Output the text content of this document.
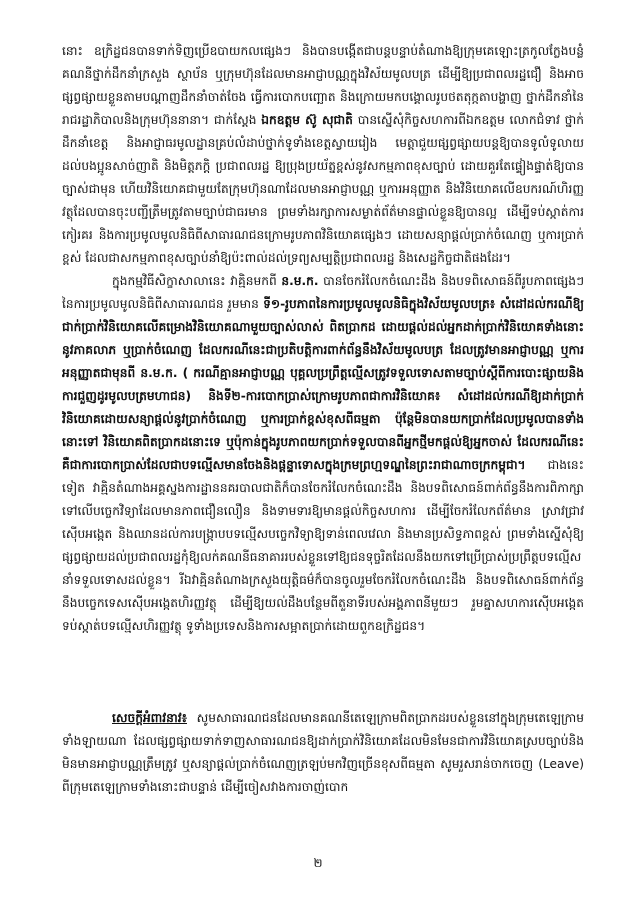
នោះ ឧក្រិដ្ឋជនបានទាក់ទិញប្រើឧបាយកលផ្សេងៗ និងបានបង្កើតជាបន្តបន្ទាប់តំណាងឱ្យក្រុមគេឡោះត្រកូលក្លែងបន្លំគណនីថ្នាក់ដឹកនាំក្រសួង ស្ថាប័ន ឬក្រុមហ៊ុនដែលមានអាជ្ញាបណ្ណក្នុងវិស័យមូលបត្រ ដើម្បីឱ្យប្រជាពលរដ្ឋជឿ និងអាចផ្សព្វផ្សាយខ្លួនតាមបណ្តាញដឹកនាំចាត់ចែង ធ្វើការបោកបញ្ឆោត និងក្រោយមកបង្គោលរូបថតតុក្កតាបង្ហាញ ថ្នាក់ដឹកនាំនៃរាជរដ្ឋាភិបាលនិងក្រុមហ៊ុននានា។ ជាក់ស្តែង ឯកឧត្តម ស៊ូ សុជាតិ បានស្នើសុំកិច្ចសហការពីឯកឧត្តម លោកជំទាវ ថ្នាក់ដឹកនាំខេត្ត និងអាជ្ញាធរមូលដ្ឋានគ្រប់លំដាប់ថ្នាក់ទូទាំងខេត្តស្វាយរៀង មេត្តាជួយផ្សព្វផ្សាយបន្តឱ្យបានទូលំទូលាយដល់បងប្អូនសាច់ញាតិ និងមិត្តភក្តិ ប្រជាពលរដ្ឋ ឱ្យប្រុងប្រយ័ត្នខ្ពស់នូវសកម្មភាពខុសច្បាប់ ដោយគួរតែផ្ទៀងផ្ទាត់ឱ្យបានច្បាស់ជាមុន ហើយវិនិយោគជាមួយតែក្រុមហ៊ុនណាដែលមានអាជ្ញាបណ្ណ ឬការអនុញ្ញាត និងវិនិយោគលើឧបករណ៍ហិរញ្ញវត្ថុដែលបានចុះបញ្ជីត្រឹមត្រូវតាមច្បាប់ជាធរមាន ព្រមទាំងរក្សាការសម្ងាត់ព័ត៌មានផ្ទាល់ខ្លួនឱ្យបានល្អ ដើម្បីទប់ស្កាត់ការកៀរគរ និងការប្រមូលមូលនិធិពីសាធារណជនក្រោមរូបភាពវិនិយោគផ្សេងៗ ដោយសន្យាផ្តល់ប្រាក់ចំណេញ ឬការប្រាក់ខ្ពស់ ដែលជាសកម្មភាពខុសច្បាប់នាំឱ្យប៉ះពាល់ដល់ទ្រព្យសម្បត្តិប្រជាពលរដ្ឋ និងសេដ្ឋកិច្ចជាតិផងដែរ។

ក្នុងកម្មវិធីសិក្ខាសាលានេះ វាគ្មិនមកពី ន.ម.ក. បានចែករំលែកចំណេះដឹង និងបទពិសោធន៍ពីរូបភាពផ្សេងៗនៃការប្រមូលមូលនិធិពីសាធារណជន រួមមាន ទី១-រូបភាពនៃការប្រមូលមូលនិធិក្នុងវិស័យមូលបត្រ៖ សំដៅដល់ករណីឱ្យជាក់ប្រាក់វិនិយោគលើគម្រោងវិនិយោគណាមួយច្បាស់លាស់ ពិតប្រាកដ ដោយផ្តល់ដល់អ្នកដាក់ប្រាក់វិនិយោគទាំងនោះនូវភាគលាភ ឬប្រាក់ចំណេញ ដែលករណីនេះជាប្រតិបត្តិការពាក់ព័ន្ធនឹងវិស័យមូលបត្រ ដែលត្រូវមានអាជ្ញាបណ្ណ ឬការអនុញ្ញាតជាមុនពី ន.ម.ក. ( ករណីគ្មានអាជ្ញាបណ្ណ បុគ្គលប្រព្រឹត្តល្មើសត្រូវទទួលទោសតាមច្បាប់ស្តីពីការបោះផ្សាយនិងការជួញដូរមូលបត្រមហាជន) និងទី២-ការបោកប្រាស់ក្រោមរូបភាពជាការវិនិយោគ៖ សំដៅដល់ករណីឱ្យដាក់ប្រាក់វិនិយោគដោយសន្យាផ្តល់នូវប្រាក់ចំណេញ ឬការប្រាក់ខ្ពស់ខុសពីធម្មតា ប៉ុន្តែមិនបានយកប្រាក់ដែលប្រមូលបានទាំងនោះទៅ វិនិយោគពិតប្រាកដនោះទេ ឬប៉ុកាន់ក្នុងរូបភាពយកប្រាក់ទទួលបានពីអ្នកថ្មីមកផ្តល់ឱ្យអ្នកចាស់ ដែលករណីនេះ គឺជាការបោកប្រាស់ដែលជាបទល្មើសមានចែងនិងផ្តន្ទាទោសក្នុងក្រមព្រហ្មទណ្ឌនៃព្រះរាជាណាចក្រកម្ពុជា។ ជាងនេះទៀត វាគ្មិនតំណាងអគ្គស្នងការដ្ឋាននគរបាលជាតិក៏បានចែករំលែកចំណេះដឹង និងបទពិសោធន៍ពាក់ព័ន្ធនឹងការពិភាក្សាទៅលើបច្ចេកវិទ្យាដែលមានភាពជឿនលឿន និងទាមទារឱ្យមានផ្តល់កិច្ចសហការ ដើម្បីចែករំលែកព័ត៌មាន ស្រាវជ្រាវ ស៊ើបអង្កេត និងឈានដល់ការបង្ក្រាបបទល្មើសបច្ចេកវិទ្យាឱ្យទាន់ពេលវេលា និងមានប្រសិទ្ធភាពខ្ពស់ ព្រមទាំងស្នើសុំឱ្យផ្សព្វផ្សាយដល់ប្រជាពលរដ្ឋកុំឱ្យលក់គណនីធនាគាររបស់ខ្លួនទៅឱ្យជនទុច្ចរិតដែលនឹងយកទៅប្រើប្រាស់ប្រព្រឹត្តបទល្មើសនាំទទួលទោសដល់ខ្លួន។ រីឯវាគ្មិនតំណាងក្រសួងយុត្តិធម៌ក៏បានចូលរួមចែករំលែកចំណេះដឹង និងបទពិសោធន៍ពាក់ព័ន្ធនឹងបច្ចេកទេសស៊ើបអង្កេតហិរញ្ញវត្ថុ ដើម្បីឱ្យយល់ដឹងបន្ថែមពីតួនាទីរបស់អង្គភាពនីមួយៗ រួមគ្នាសហការស៊ើបអង្កេត ទប់ស្កាត់បទល្មើសហិរញ្ញវត្ថុ ទូទាំងប្រទេសនិងការសម្អាតប្រាក់ដោយពួកឧក្រិដ្ឋជន។

សេចក្តីអំពាវនាវ៖ សូមសាធារណជនដែលមានគណនីតេឡេក្រាមពិតប្រាកដរបស់ខ្លួននៅក្នុងក្រុមតេឡេក្រាមទាំងឡាយណា ដែលផ្សព្វផ្សាយទាក់ទាញសាធារណជនឱ្យដាក់ប្រាក់វិនិយោគដែលមិនមែនជាការវិនិយោគស្របច្បាប់និងមិនមានអាជ្ញាបណ្ណត្រឹមត្រូវ ឬសន្យាផ្តល់ប្រាក់ចំណេញត្រឡប់មកវិញច្រើនខុសពីធម្មតា សូមរួសរាន់ចាកចេញ (Leave) ពីក្រុមតេឡេក្រាមទាំងនោះជាបន្ទាន់ ដើម្បីចៀសវាងការចាញ់បោក

២
